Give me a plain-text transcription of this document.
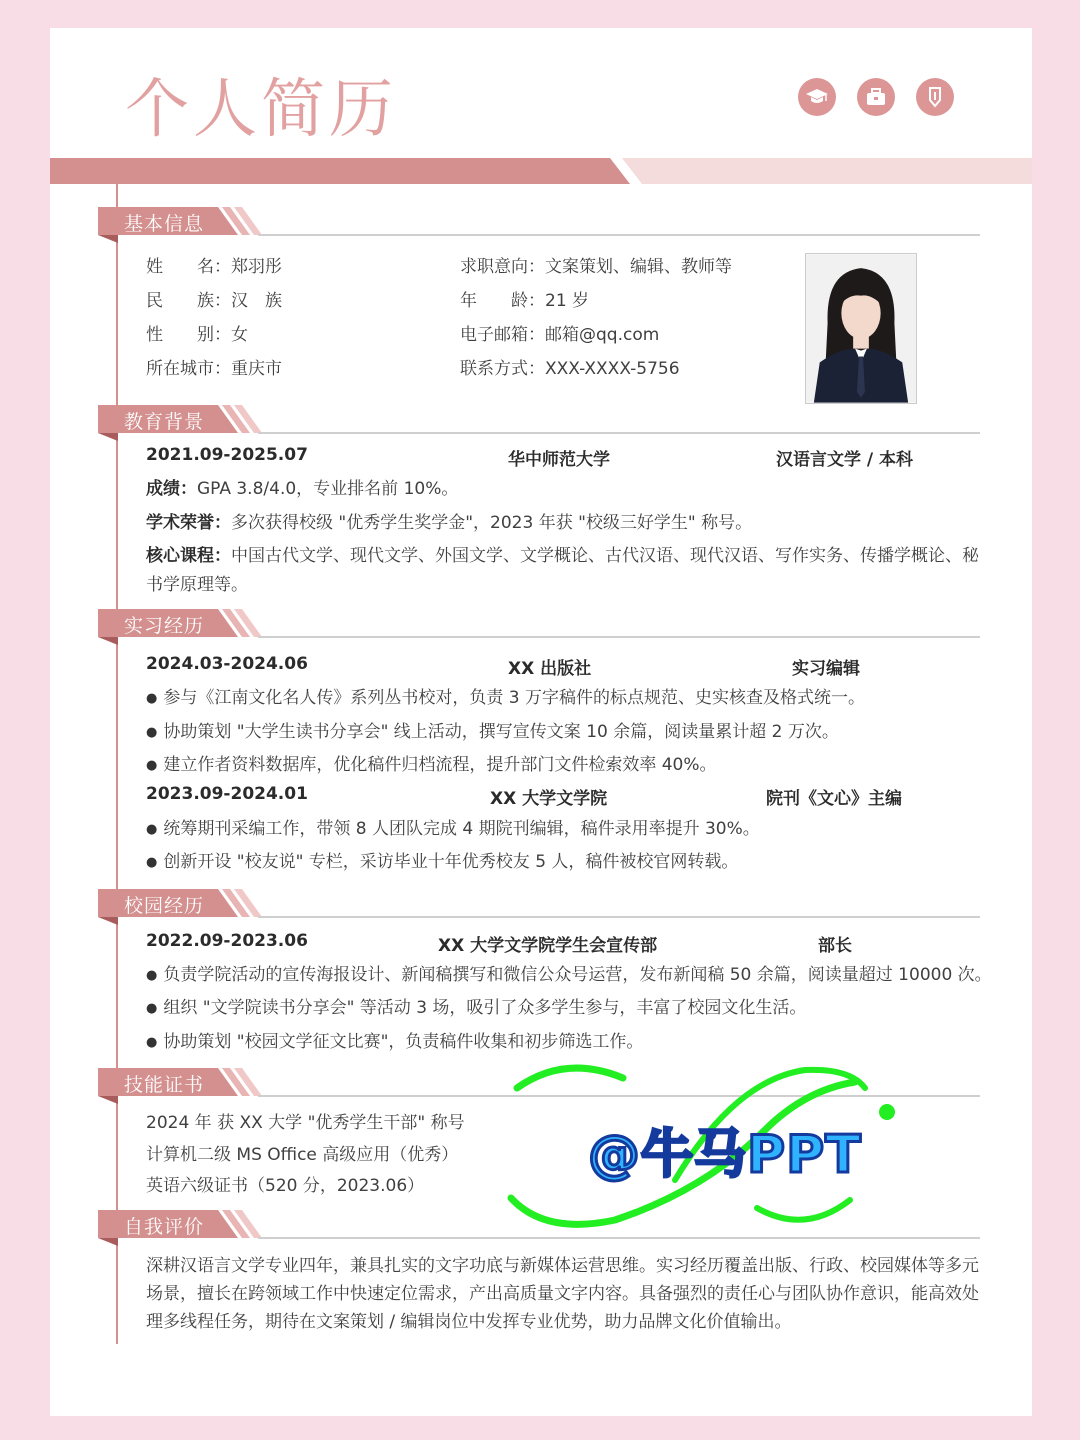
个人简历
基本信息
姓　　名：郑羽彤
民　　族：汉　族
性　　别：女
所在城市：重庆市
求职意向：文案策划、编辑、教师等
年　　龄：21 岁
电子邮箱：邮箱@qq.com
联系方式：XXX-XXXX-5756
教育背景
2021.09-2025.07	华中师范大学	汉语言文学 / 本科
成绩：GPA 3.8/4.0，专业排名前 10%。
学术荣誉：多次获得校级 "优秀学生奖学金"，2023 年获 "校级三好学生" 称号。
核心课程：中国古代文学、现代文学、外国文学、文学概论、古代汉语、现代汉语、写作实务、传播学概论、秘
书学原理等。
实习经历
2024.03-2024.06	XX 出版社	实习编辑
● 参与《江南文化名人传》系列丛书校对，负责 3 万字稿件的标点规范、史实核查及格式统一。
● 协助策划 "大学生读书分享会" 线上活动，撰写宣传文案 10 余篇，阅读量累计超 2 万次。
● 建立作者资料数据库，优化稿件归档流程，提升部门文件检索效率 40%。
2023.09-2024.01	XX 大学文学院	院刊《文心》主编
● 统筹期刊采编工作，带领 8 人团队完成 4 期院刊编辑，稿件录用率提升 30%。
● 创新开设 "校友说" 专栏，采访毕业十年优秀校友 5 人，稿件被校官网转载。
校园经历
2022.09-2023.06	XX 大学文学院学生会宣传部	部长
● 负责学院活动的宣传海报设计、新闻稿撰写和微信公众号运营，发布新闻稿 50 余篇，阅读量超过 10000 次。
● 组织 "文学院读书分享会" 等活动 3 场，吸引了众多学生参与，丰富了校园文化生活。
● 协助策划 "校园文学征文比赛"，负责稿件收集和初步筛选工作。
技能证书
2024 年 获 XX 大学 "优秀学生干部" 称号
计算机二级 MS Office 高级应用（优秀）
英语六级证书（520 分，2023.06）
@牛马PPT
自我评价
深耕汉语言文学专业四年，兼具扎实的文字功底与新媒体运营思维。实习经历覆盖出版、行政、校园媒体等多元
场景，擅长在跨领域工作中快速定位需求，产出高质量文字内容。具备强烈的责任心与团队协作意识，能高效处
理多线程任务，期待在文案策划 / 编辑岗位中发挥专业优势，助力品牌文化价值输出。
